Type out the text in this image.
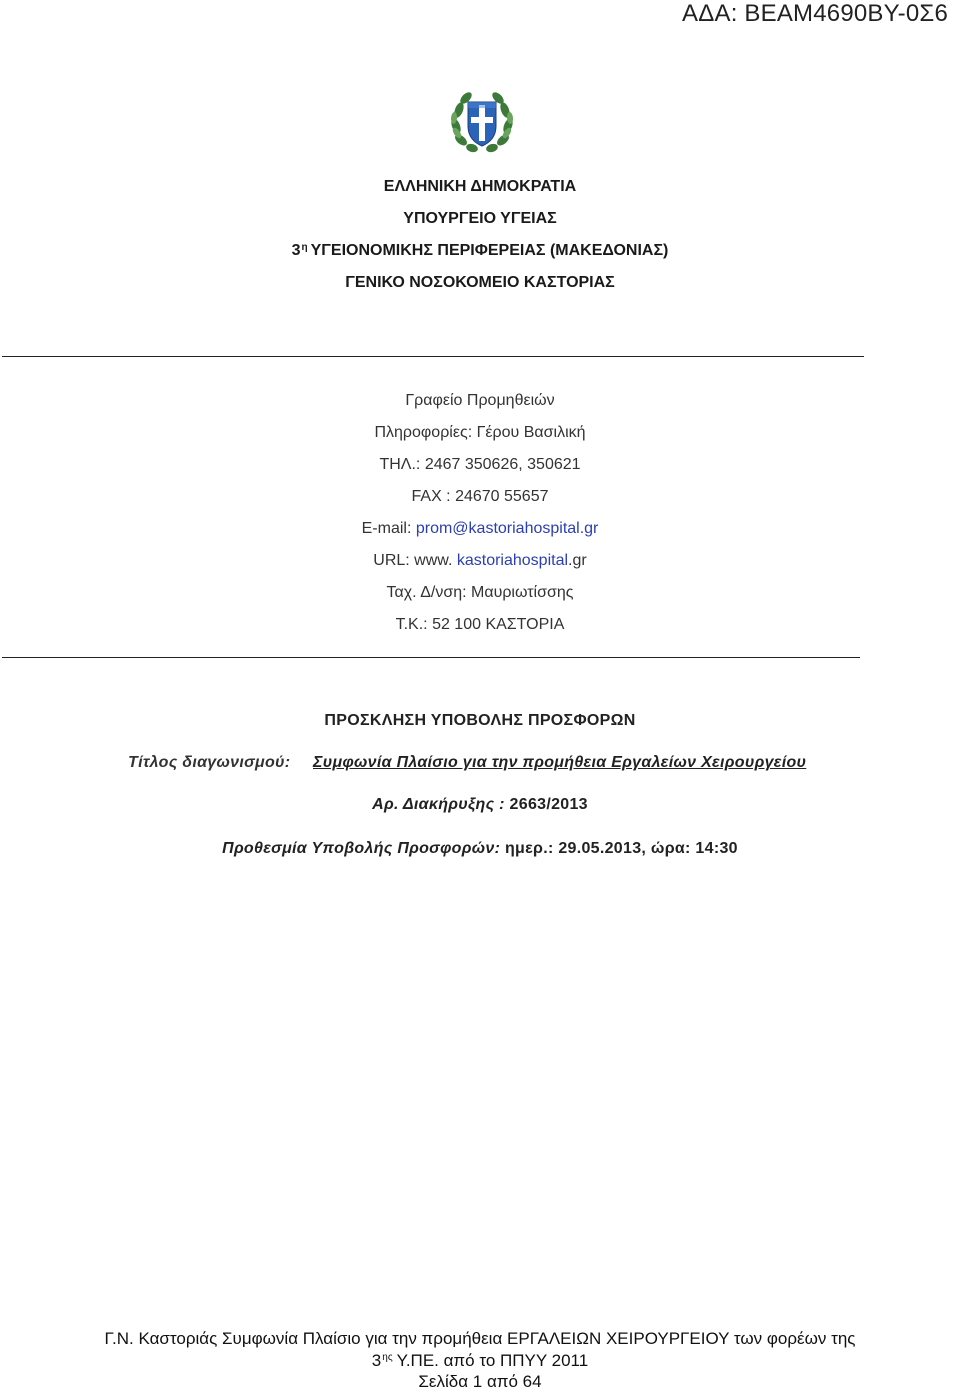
ΑΔΑ: ΒΕΑΜ4690ΒΥ-0Σ6
ΕΛΛΗΝΙΚΗ ΔΗΜΟΚΡΑΤΙΑ
ΥΠΟΥΡΓΕΙΟ ΥΓΕΙΑΣ
$3^\eta$ ΥΓΕΙΟΝΟΜΙΚΗΣ ΠΕΡΙΦΕΡΕΙΑΣ (ΜΑΚΕΔΟΝΙΑΣ)
ΓΕΝΙΚΟ ΝΟΣΟΚΟΜΕΙΟ ΚΑΣΤΟΡΙΑΣ
Γραφείο Προμηθειών
Πληροφορίες: Γέρου Βασιλική
ΤΗΛ.: 2467 350626, 350621
FAX : 24670 55657
E-mail: prom@kastoriahospital.gr
URL: www. kastoriahospital.gr
Ταχ. Δ/νση: Μαυριωτίσσης
Τ.Κ.: 52 100 ΚΑΣΤΟΡΙΑ
ΠΡΟΣΚΛΗΣΗ ΥΠΟΒΟΛΗΣ ΠΡΟΣΦΟΡΩΝ
Τίτλος διαγωνισμού: Συμφωνία Πλαίσιο για την προμήθεια Εργαλείων Χειρουργείου
Αρ. Διακήρυξης : 2663/2013
Προθεσμία Υποβολής Προσφορών: ημερ.: 29.05.2013, ώρα: 14:30
Γ.Ν. Καστοριάς Συμφωνία Πλαίσιο για την προμήθεια ΕΡΓΑΛΕΙΩΝ ΧΕΙΡΟΥΡΓΕΙΟΥ των φορέων της
$3^{\eta\varsigma}$ Υ.ΠΕ. από το ΠΠΥΥ 2011
Σελίδα 1 από 64
